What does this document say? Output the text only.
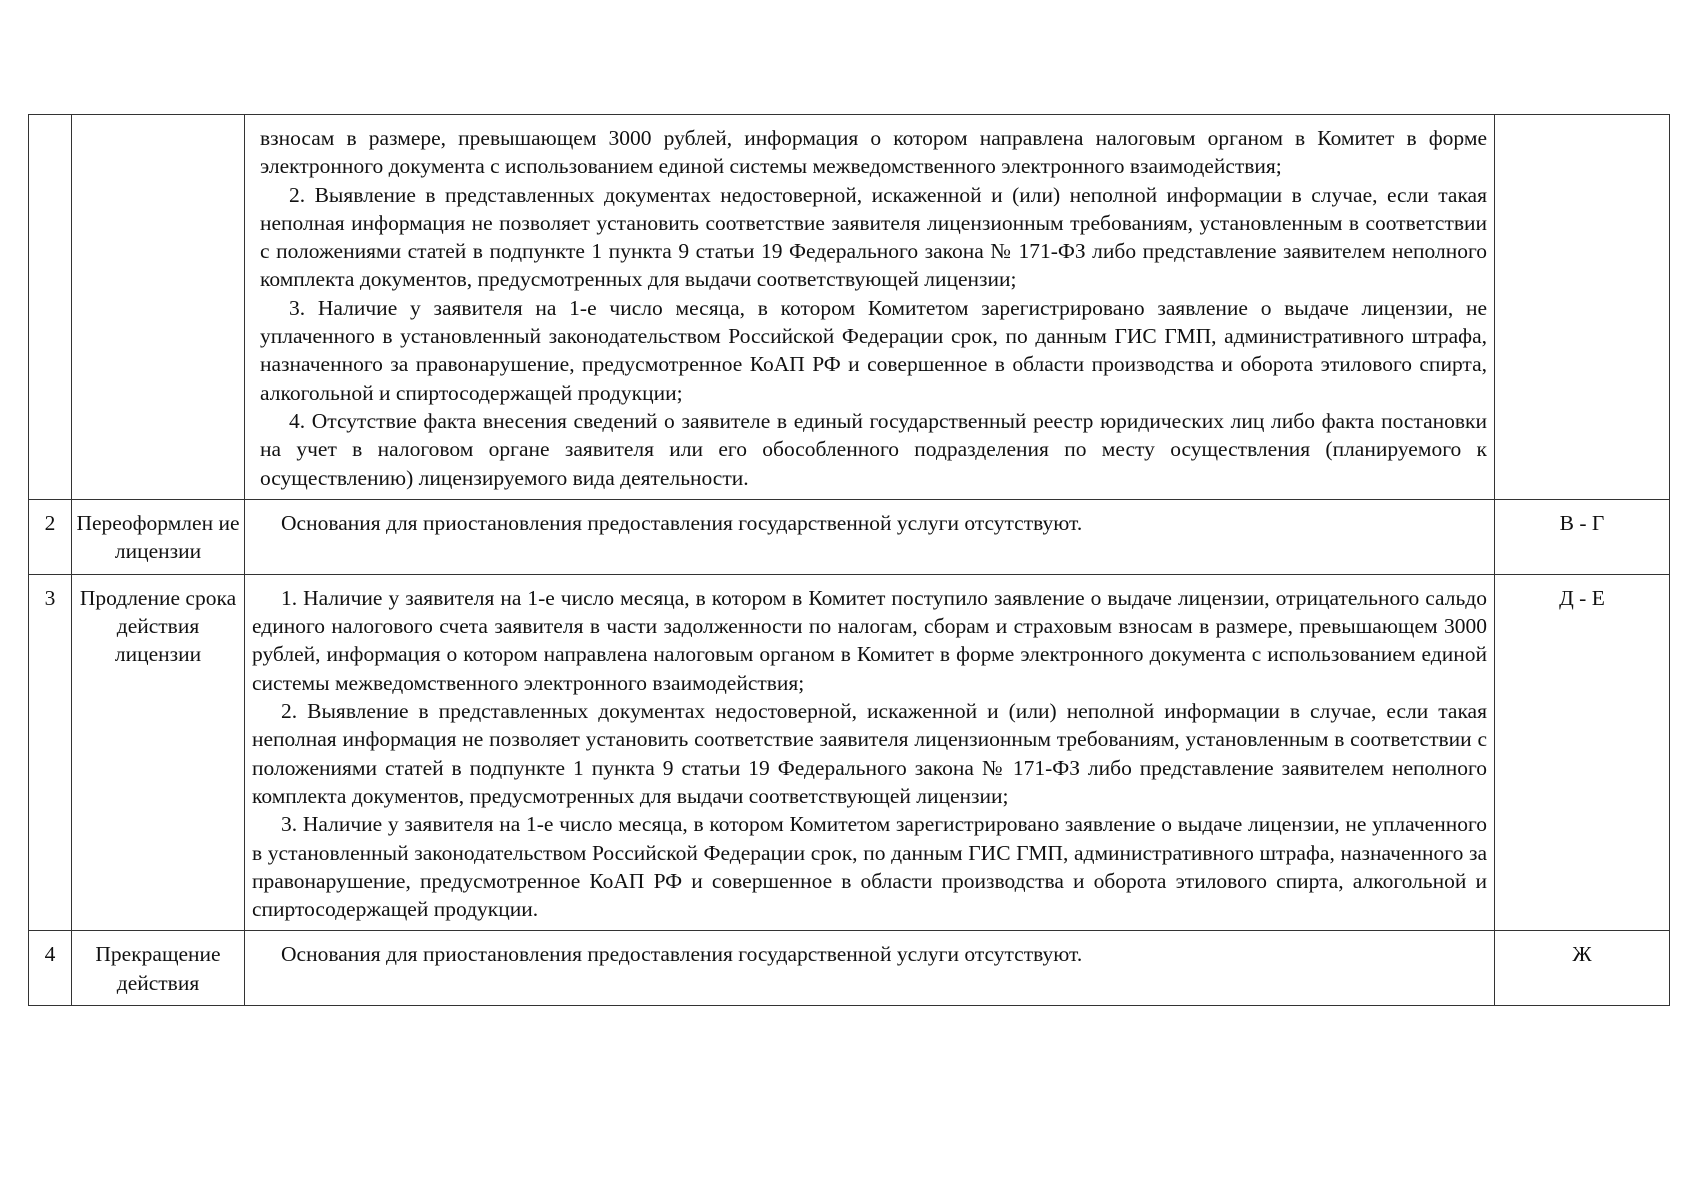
		взносам в размере, превышающем 3000 рублей, информация о котором направлена налоговым органом в Комитет в форме электронного документа с использованием единой системы межведомственного электронного взаимодействия;

2. Выявление в представленных документах недостоверной, искаженной и (или) неполной информации в случае, если такая неполная информация не позволяет установить соответствие заявителя лицензионным требованиям, установленным в соответствии с положениями статей в подпункте 1 пункта 9 статьи 19 Федерального закона № 171-ФЗ либо представление заявителем неполного комплекта документов, предусмотренных для выдачи соответствующей лицензии;

3. Наличие у заявителя на 1-е число месяца, в котором Комитетом зарегистрировано заявление о выдаче лицензии, не уплаченного в установленный законодательством Российской Федерации срок, по данным ГИС ГМП, административного штрафа, назначенного за правонарушение, предусмотренное КоАП РФ и совершенное в области производства и оборота этилового спирта, алкогольной и спиртосодержащей продукции;

4. Отсутствие факта внесения сведений о заявителе в единый государственный реестр юридических лиц либо факта постановки на учет в налоговом органе заявителя или его обособленного подразделения по месту осуществления (планируемого к осуществлению) лицензируемого вида деятельности.	

2	Переоформлен ие лицензии	Основания для приостановления предоставления государственной услуги отсутствуют.	В - Г
3	Продление срока действия лицензии	1. Наличие у заявителя на 1-е число месяца, в котором в Комитет поступило заявление о выдаче лицензии, отрицательного сальдо единого налогового счета заявителя в части задолженности по налогам, сборам и страховым взносам в размере, превышающем 3000 рублей, информация о котором направлена налоговым органом в Комитет в форме электронного документа с использованием единой системы межведомственного электронного взаимодействия;

2. Выявление в представленных документах недостоверной, искаженной и (или) неполной информации в случае, если такая неполная информация не позволяет установить соответствие заявителя лицензионным требованиям, установленным в соответствии с положениями статей в подпункте 1 пункта 9 статьи 19 Федерального закона № 171-ФЗ либо представление заявителем неполного комплекта документов, предусмотренных для выдачи соответствующей лицензии;

3. Наличие у заявителя на 1-е число месяца, в котором Комитетом зарегистрировано заявление о выдаче лицензии, не уплаченного в установленный законодательством Российской Федерации срок, по данным ГИС ГМП, административного штрафа, назначенного за правонарушение, предусмотренное КоАП РФ и совершенное в области производства и оборота этилового спирта, алкогольной и спиртосодержащей продукции.	Д - Е
4	Прекращение действия	Основания для приостановления предоставления государственной услуги отсутствуют.	Ж
